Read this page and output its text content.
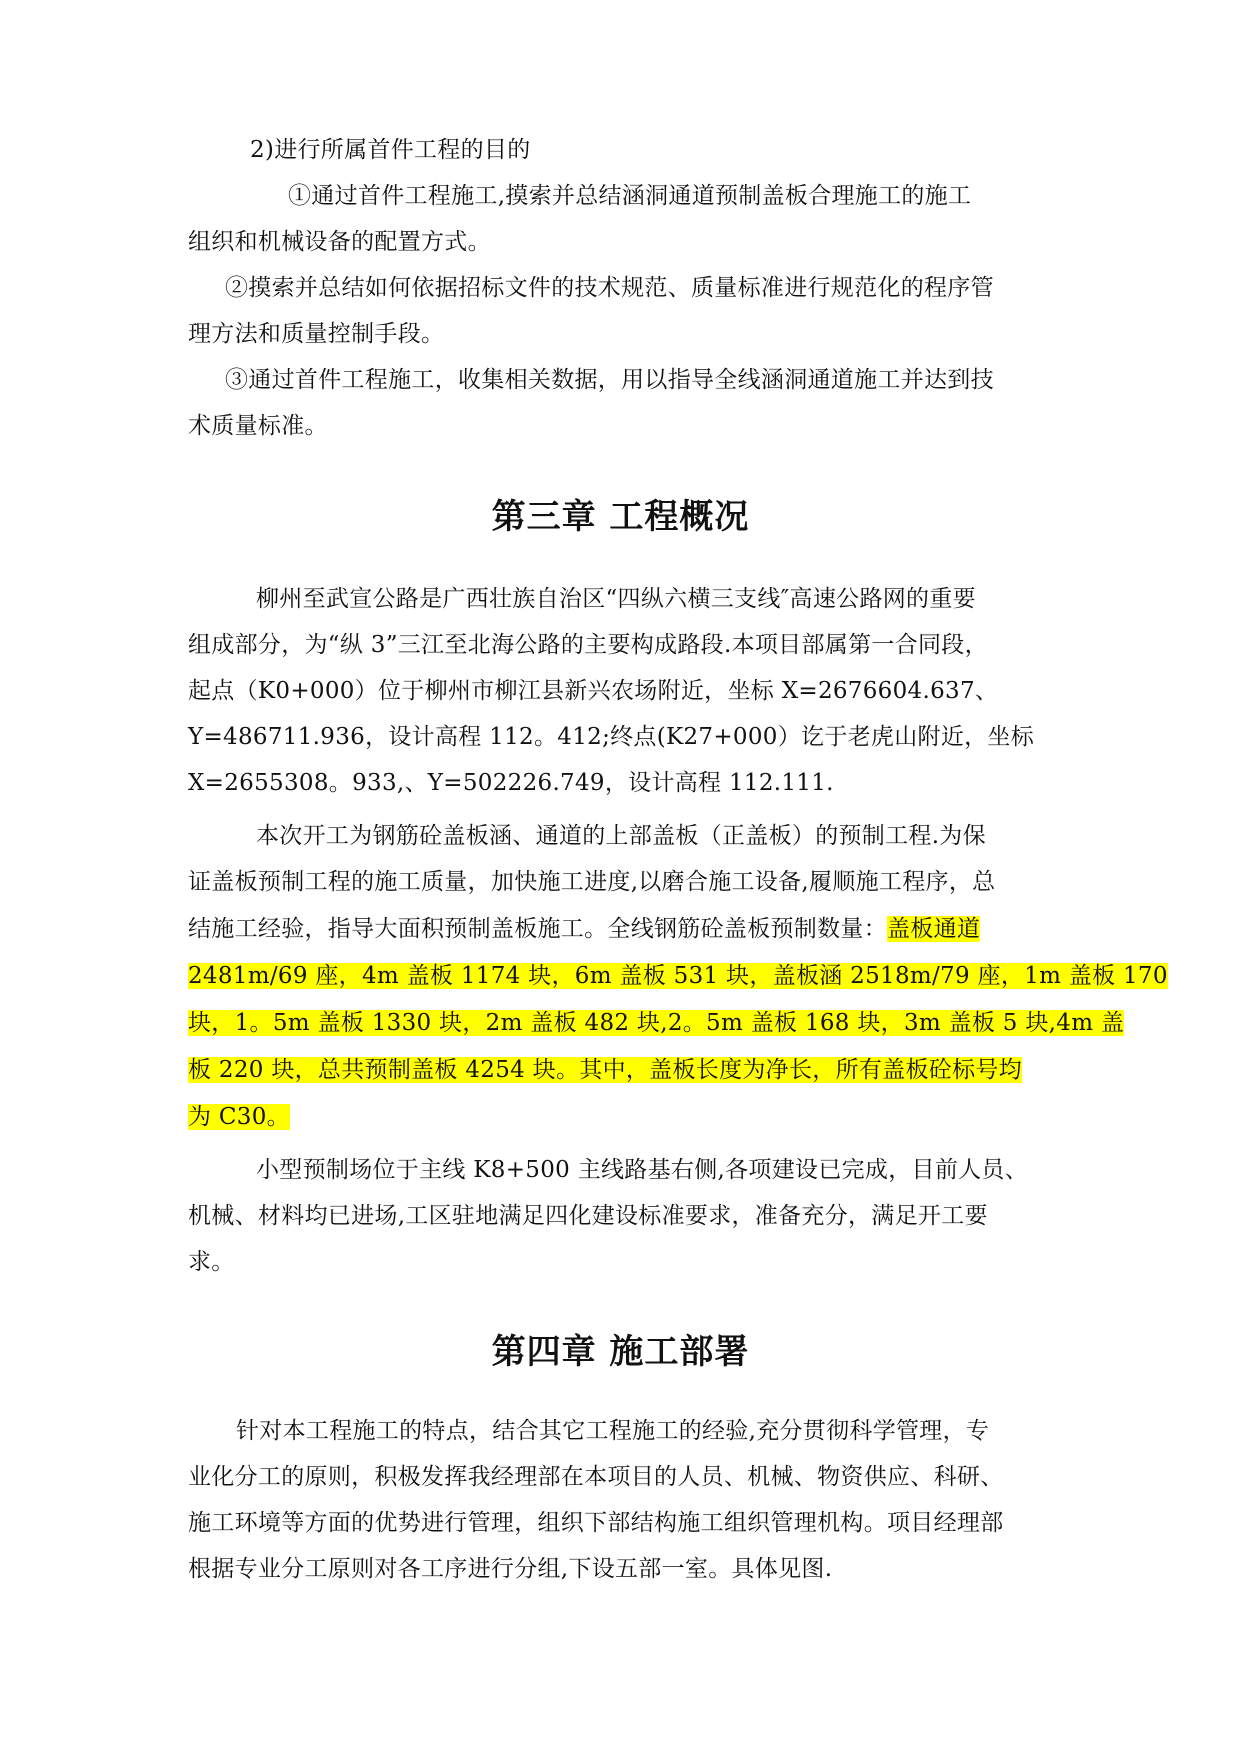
2)进行所属首件工程的目的
①通过首件工程施工,摸索并总结涵洞通道预制盖板合理施工的施工
组织和机械设备的配置方式。
②摸索并总结如何依据招标文件的技术规范、质量标准进行规范化的程序管
理方法和质量控制手段。
③通过首件工程施工，收集相关数据，用以指导全线涵洞通道施工并达到技
术质量标准。
第三章 工程概况
柳州至武宣公路是广西壮族自治区“四纵六横三支线″高速公路网的重要
组成部分，为“纵 3”三江至北海公路的主要构成路段.本项目部属第一合同段，
起点（K0+000）位于柳州市柳江县新兴农场附近，坐标 X=2676604.637、
Y=486711.936，设计高程 112。412;终点(K27+000）讫于老虎山附近，坐标
X=2655308。933,、Y=502226.749，设计高程 112.111.
本次开工为钢筋砼盖板涵、通道的上部盖板（正盖板）的预制工程.为保
证盖板预制工程的施工质量，加快施工进度,以磨合施工设备,履顺施工程序，总
结施工经验，指导大面积预制盖板施工。全线钢筋砼盖板预制数量：盖板通道
2481m/69 座，4m 盖板 1174 块，6m 盖板 531 块，盖板涵 2518m/79 座，1m 盖板 170
块，1。5m 盖板 1330 块，2m 盖板 482 块,2。5m 盖板 168 块，3m 盖板 5 块,4m 盖
板 220 块，总共预制盖板 4254 块。其中，盖板长度为净长，所有盖板砼标号均
为 C30。
小型预制场位于主线 K8+500 主线路基右侧,各项建设已完成，目前人员、
机械、材料均已进场,工区驻地满足四化建设标准要求，准备充分，满足开工要
求。
第四章 施工部署
针对本工程施工的特点，结合其它工程施工的经验,充分贯彻科学管理，专
业化分工的原则，积极发挥我经理部在本项目的人员、机械、物资供应、科研、
施工环境等方面的优势进行管理，组织下部结构施工组织管理机构。项目经理部
根据专业分工原则对各工序进行分组,下设五部一室。具体见图.
